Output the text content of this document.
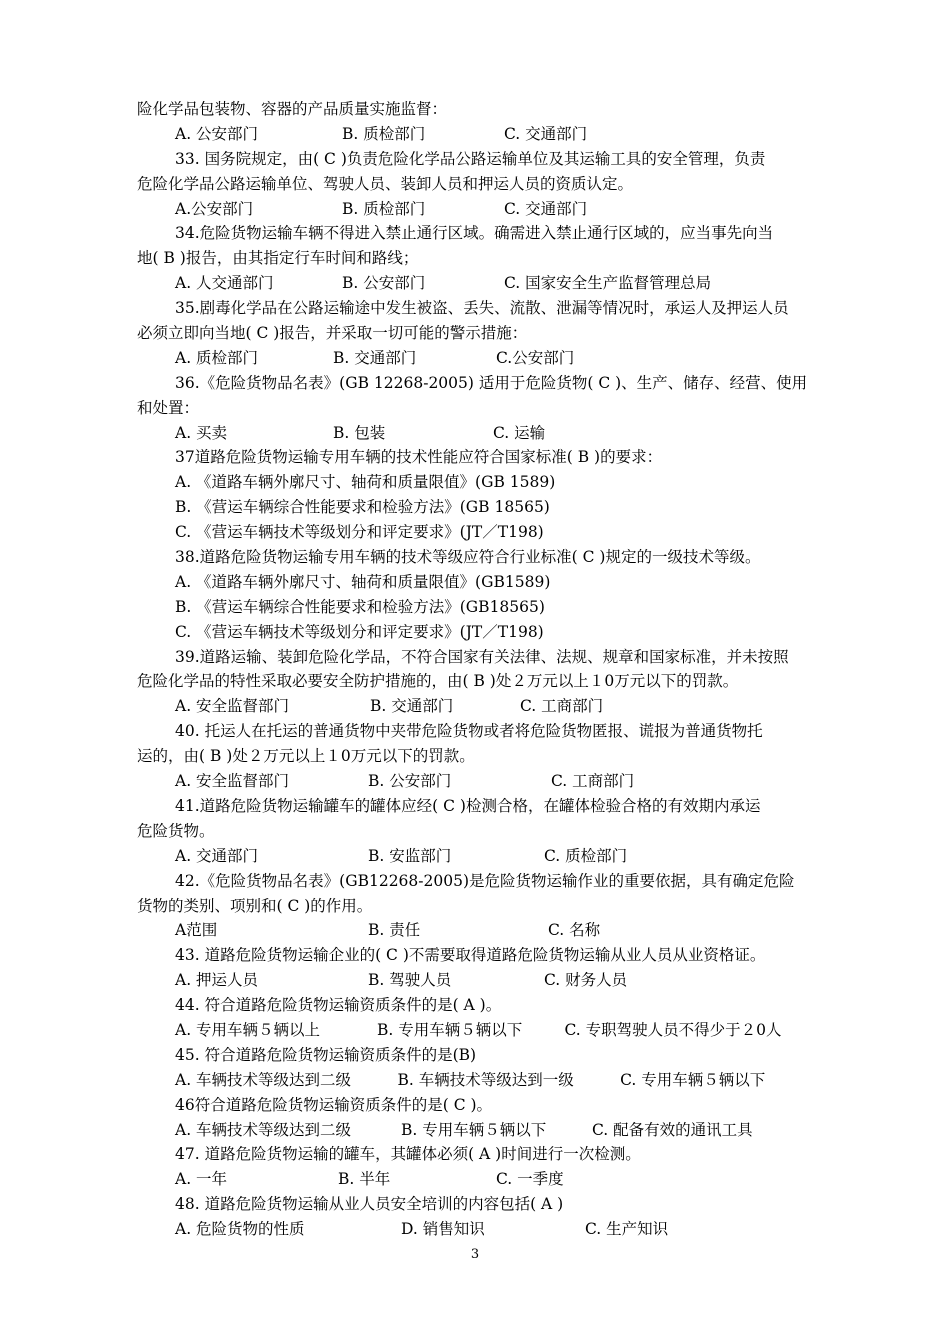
险化学品包装物、容器的产品质量实施监督：
A. 公安部门	B. 质检部门	C. 交通部门
33. 国务院规定，由( C )负责危险化学品公路运输单位及其运输工具的安全管理，负责
危险化学品公路运输单位、驾驶人员、装卸人员和押运人员的资质认定。
A.公安部门	B. 质检部门	C. 交通部门
34.危险货物运输车辆不得进入禁止通行区域。确需进入禁止通行区域的，应当事先向当
地( B )报告，由其指定行车时间和路线；
A. 人交通部门	B. 公安部门	C. 国家安全生产监督管理总局
35.剧毒化学品在公路运输途中发生被盗、丢失、流散、泄漏等情况时，承运人及押运人员
必须立即向当地( C )报告，并采取一切可能的警示措施：
A. 质检部门	B. 交通部门	C.公安部门
36.《危险货物品名表》(GB 12268-2005) 适用于危险货物( C )、生产、储存、经营、使用
和处置：
A. 买卖	B. 包装	C. 运输
37道路危险货物运输专用车辆的技术性能应符合国家标准( B )的要求：
A. 《道路车辆外廓尺寸、轴荷和质量限值》(GB 1589)
B. 《营运车辆综合性能要求和检验方法》(GB 18565)
C. 《营运车辆技术等级划分和评定要求》(JT／T198)
38.道路危险货物运输专用车辆的技术等级应符合行业标准( C )规定的一级技术等级。
A. 《道路车辆外廓尺寸、轴荷和质量限值》(GB1589)
B. 《营运车辆综合性能要求和检验方法》(GB18565)
C. 《营运车辆技术等级划分和评定要求》(JT／T198)
39.道路运输、装卸危险化学品，不符合国家有关法律、法规、规章和国家标准，并未按照
危险化学品的特性采取必要安全防护措施的，由( B )处２万元以上１0万元以下的罚款。
A. 安全监督部门	B. 交通部门	C. 工商部门
40. 托运人在托运的普通货物中夹带危险货物或者将危险货物匿报、谎报为普通货物托
运的，由( B )处２万元以上１0万元以下的罚款。
A. 安全监督部门	B. 公安部门	C. 工商部门
41.道路危险货物运输罐车的罐体应经( C )检测合格，在罐体检验合格的有效期内承运
危险货物。
A. 交通部门	B. 安监部门	C. 质检部门
42.《危险货物品名表》(GB12268-2005)是危险货物运输作业的重要依据，具有确定危险
货物的类别、项别和( C )的作用。
A范围	B. 责任	C. 名称
43. 道路危险货物运输企业的( C )不需要取得道路危险货物运输从业人员从业资格证。
A. 押运人员	B. 驾驶人员	C. 财务人员
44. 符合道路危险货物运输资质条件的是( A )。
A. 专用车辆５辆以上	B. 专用车辆５辆以下	C. 专职驾驶人员不得少于２0人
45. 符合道路危险货物运输资质条件的是(B)
A. 车辆技术等级达到二级	B. 车辆技术等级达到一级	C. 专用车辆５辆以下
46符合道路危险货物运输资质条件的是( C )。
A. 车辆技术等级达到二级	B. 专用车辆５辆以下	C. 配备有效的通讯工具
47. 道路危险货物运输的罐车，其罐体必须( A )时间进行一次检测。
A. 一年	B. 半年	C. 一季度
48. 道路危险货物运输从业人员安全培训的内容包括( A )
A. 危险货物的性质	D. 销售知识	C. 生产知识
3
